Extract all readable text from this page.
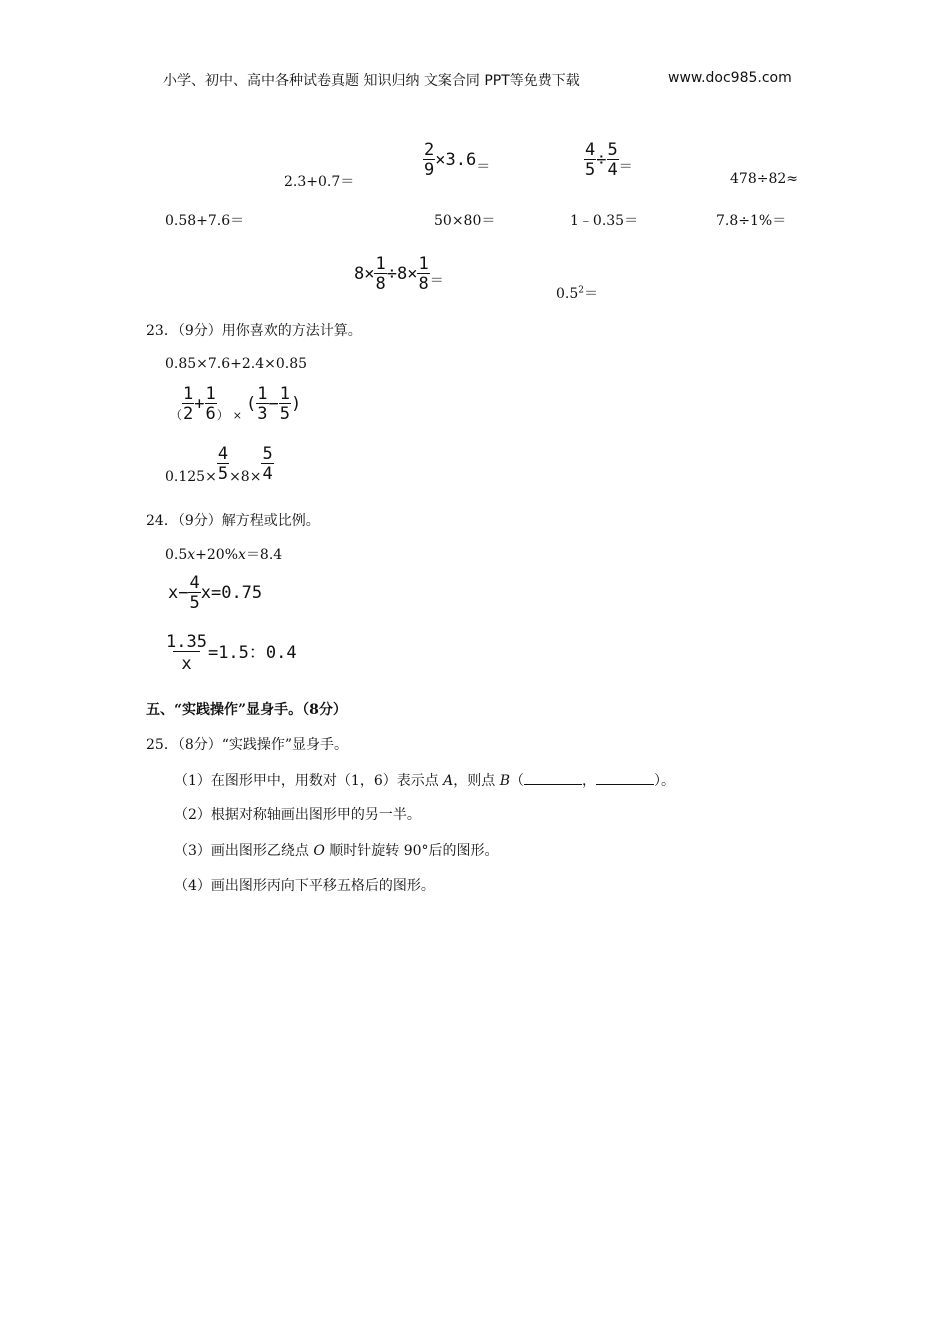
小学、初中、高中各种试卷真题 知识归纳 文案合同 PPT等免费下载	www.doc985.com
2.3+0.7＝
$\frac{2}{9} \times 3.6=$	$\frac{4}{5} \div \frac{5}{4}$ ＝
478÷82≈
0.58+7.6＝	50×80＝	1﹣0.35＝	7.8÷1%＝
$8\times \frac{1}{8} \div 8\times \frac{1}{8}$ ＝
$0.5^2=$
23．（9分）用你喜欢的方法计算。
0.85×7.6+2.4×0.85
$_( \frac{1}{2} + \frac{1}{6} _)$ $_\times( \frac{1}{3} - \frac{1}{5}$ )
$0.125\times \frac{4}{5} \times 8\times \frac{5}{4}$
24．（9分）解方程或比例。
0.5x+20%x＝8.4
$x- \frac{4}{5} x=0.75$
$\frac{1.35}{x} =1.5$：0.4
五、“实践操作”显身手。（8分）
25．（8分）“实践操作”显身手。
（1）在图形甲中，用数对（1，6）表示点 A，则点 B（	，	）。
（2）根据对称轴画出图形甲的另一半。
（3）画出图形乙绕点 O 顺时针旋转 90°后的图形。
（4）画出图形丙向下平移五格后的图形。
